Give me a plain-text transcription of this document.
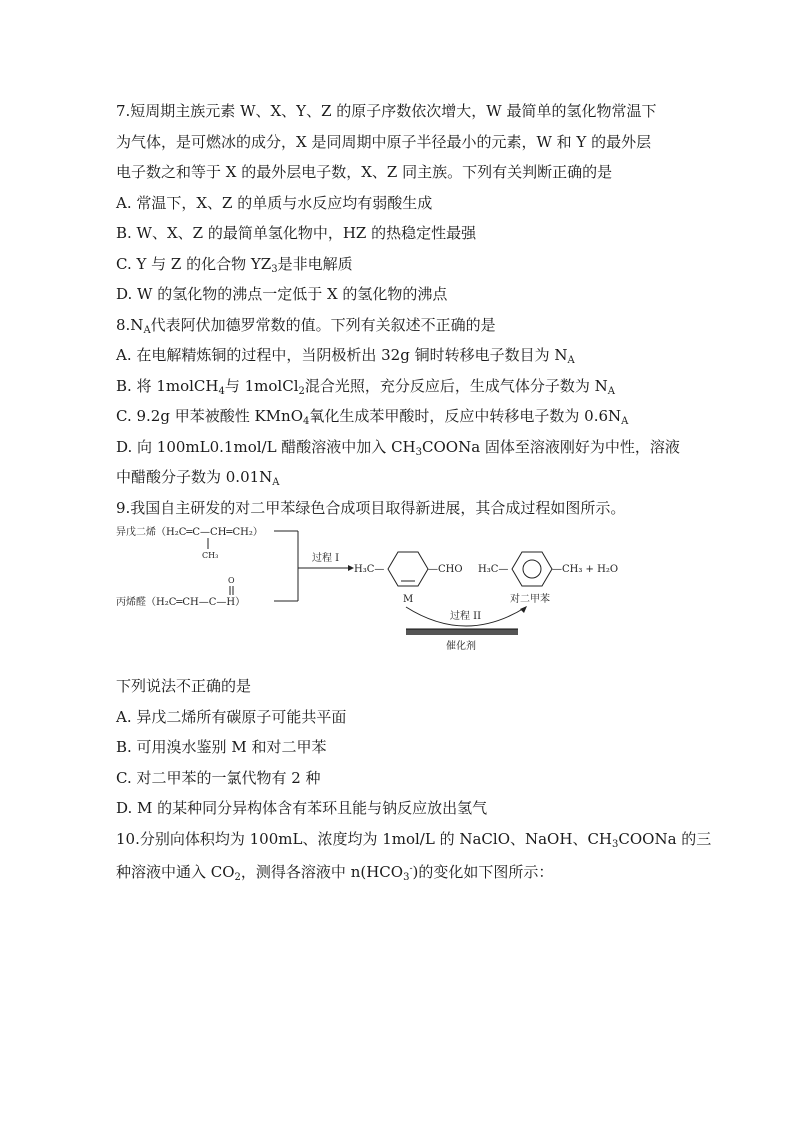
7.短周期主族元素 W、X、Y、Z 的原子序数依次增大，W 最简单的氢化物常温下
为气体，是可燃冰的成分，X 是同周期中原子半径最小的元素，W 和 Y 的最外层
电子数之和等于 X 的最外层电子数，X、Z 同主族。下列有关判断正确的是
A. 常温下，X、Z 的单质与水反应均有弱酸生成
B. W、X、Z 的最简单氢化物中，HZ 的热稳定性最强
C. Y 与 Z 的化合物 $YZ_3$是非电解质
D. W 的氢化物的沸点一定低于 X 的氢化物的沸点
$8.N_A$代表阿伏加德罗常数的值。下列有关叙述不正确的是
A. 在电解精炼铜的过程中，当阴极析出 32g 铜时转移电子数目为 $N_A$
B. 将 1molCH$_4$与 1molCl$_2$混合光照，充分反应后，生成气体分子数为 $N_A$
C. 9.2g 甲苯被酸性 KMnO$_4$氧化生成苯甲酸时，反应中转移电子数为 $0.6N_A$
D. 向 100mL0.1mol/L 醋酸溶液中加入 $CH_3COONa$ 固体至溶液刚好为中性，溶液
中醋酸分子数为 $0.01N_A$
9.我国自主研发的对二甲苯绿色合成项目取得新进展，其合成过程如图所示。
异戊二烯（H₂C═C—CH═CH₂）
CH₃
O
丙烯醛（H₂C═CH—C—H）
过程 I
H₃C—	—CHO
M
H₃C—	—CH₃ + H₂O
对二甲苯
过程 II
催化剂
下列说法不正确的是
A. 异戊二烯所有碳原子可能共平面
B. 可用溴水鉴别 M 和对二甲苯
C. 对二甲苯的一氯代物有 2 种
D. M 的某种同分异构体含有苯环且能与钠反应放出氢气
10.分别向体积均为 100mL、浓度均为 1mol/L 的 NaClO、NaOH、$CH_3COONa$ 的三
种溶液中通入 $CO_2$，测得各溶液中 $n(HCO_3^-)$的变化如下图所示：
